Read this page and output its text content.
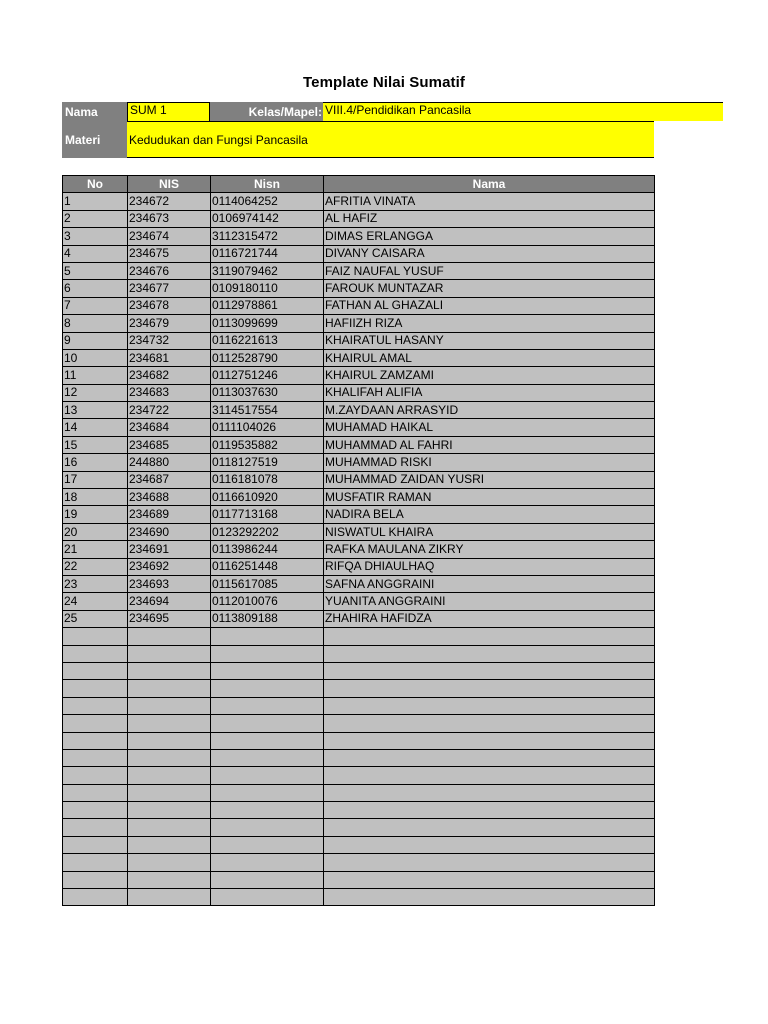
Template Nilai Sumatif
Nama	SUM 1	Kelas/Mapel: VIII.4/Pendidikan Pancasila
Materi	Kedudukan dan Fungsi Pancasila
No	NIS	Nisn	Nama
1	234672	0114064252	AFRITIA VINATA
2	234673	0106974142	AL HAFIZ
3	234674	3112315472	DIMAS ERLANGGA
4	234675	0116721744	DIVANY CAISARA
5	234676	3119079462	FAIZ NAUFAL YUSUF
6	234677	0109180110	FAROUK MUNTAZAR
7	234678	0112978861	FATHAN AL GHAZALI
8	234679	0113099699	HAFIIZH RIZA
9	234732	0116221613	KHAIRATUL HASANY
10	234681	0112528790	KHAIRUL AMAL
11	234682	0112751246	KHAIRUL ZAMZAMI
12	234683	0113037630	KHALIFAH ALIFIA
13	234722	3114517554	M.ZAYDAAN ARRASYID
14	234684	0111104026	MUHAMAD HAIKAL
15	234685	0119535882	MUHAMMAD AL FAHRI
16	244880	0118127519	MUHAMMAD RISKI
17	234687	0116181078	MUHAMMAD ZAIDAN YUSRI
18	234688	0116610920	MUSFATIR RAMAN
19	234689	0117713168	NADIRA BELA
20	234690	0123292202	NISWATUL KHAIRA
21	234691	0113986244	RAFKA MAULANA ZIKRY
22	234692	0116251448	RIFQA DHIAULHAQ
23	234693	0115617085	SAFNA ANGGRAINI
24	234694	0112010076	YUANITA ANGGRAINI
25	234695	0113809188	ZHAHIRA HAFIDZA
